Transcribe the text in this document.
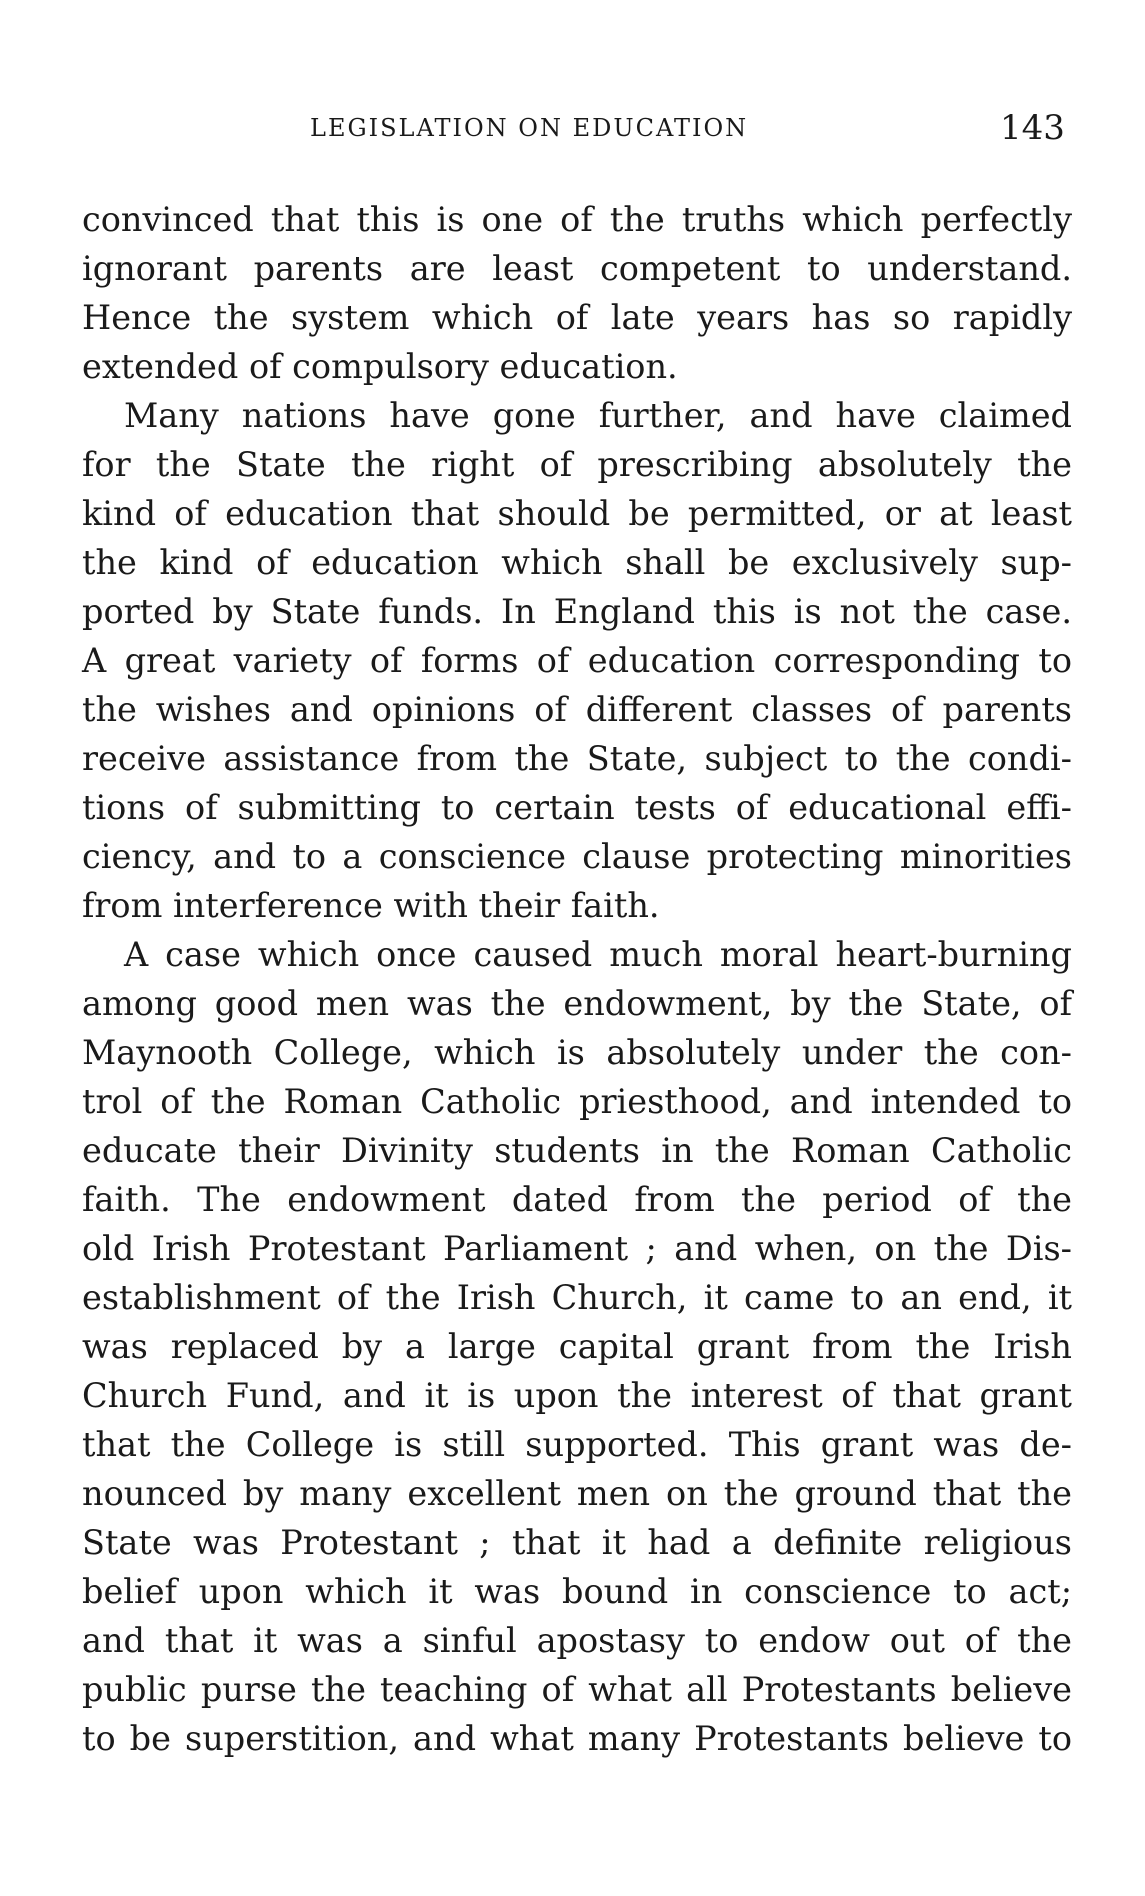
LEGISLATION ON EDUCATION	143
convinced that this is one of the truths which perfectly
ignorant parents are least competent to understand.
Hence the system which of late years has so rapidly
extended of compulsory education.
Many nations have gone further, and have claimed
for the State the right of prescribing absolutely the
kind of education that should be permitted, or at least
the kind of education which shall be exclusively sup-
ported by State funds. In England this is not the case.
A great variety of forms of education corresponding to
the wishes and opinions of different classes of parents
receive assistance from the State, subject to the condi-
tions of submitting to certain tests of educational effi-
ciency, and to a conscience clause protecting minorities
from interference with their faith.
A case which once caused much moral heart-burning
among good men was the endowment, by the State, of
Maynooth College, which is absolutely under the con-
trol of the Roman Catholic priesthood, and intended to
educate their Divinity students in the Roman Catholic
faith. The endowment dated from the period of the
old Irish Protestant Parliament ; and when, on the Dis-
establishment of the Irish Church, it came to an end, it
was replaced by a large capital grant from the Irish
Church Fund, and it is upon the interest of that grant
that the College is still supported. This grant was de-
nounced by many excellent men on the ground that the
State was Protestant ; that it had a definite religious
belief upon which it was bound in conscience to act;
and that it was a sinful apostasy to endow out of the
public purse the teaching of what all Protestants believe
to be superstition, and what many Protestants believe to
